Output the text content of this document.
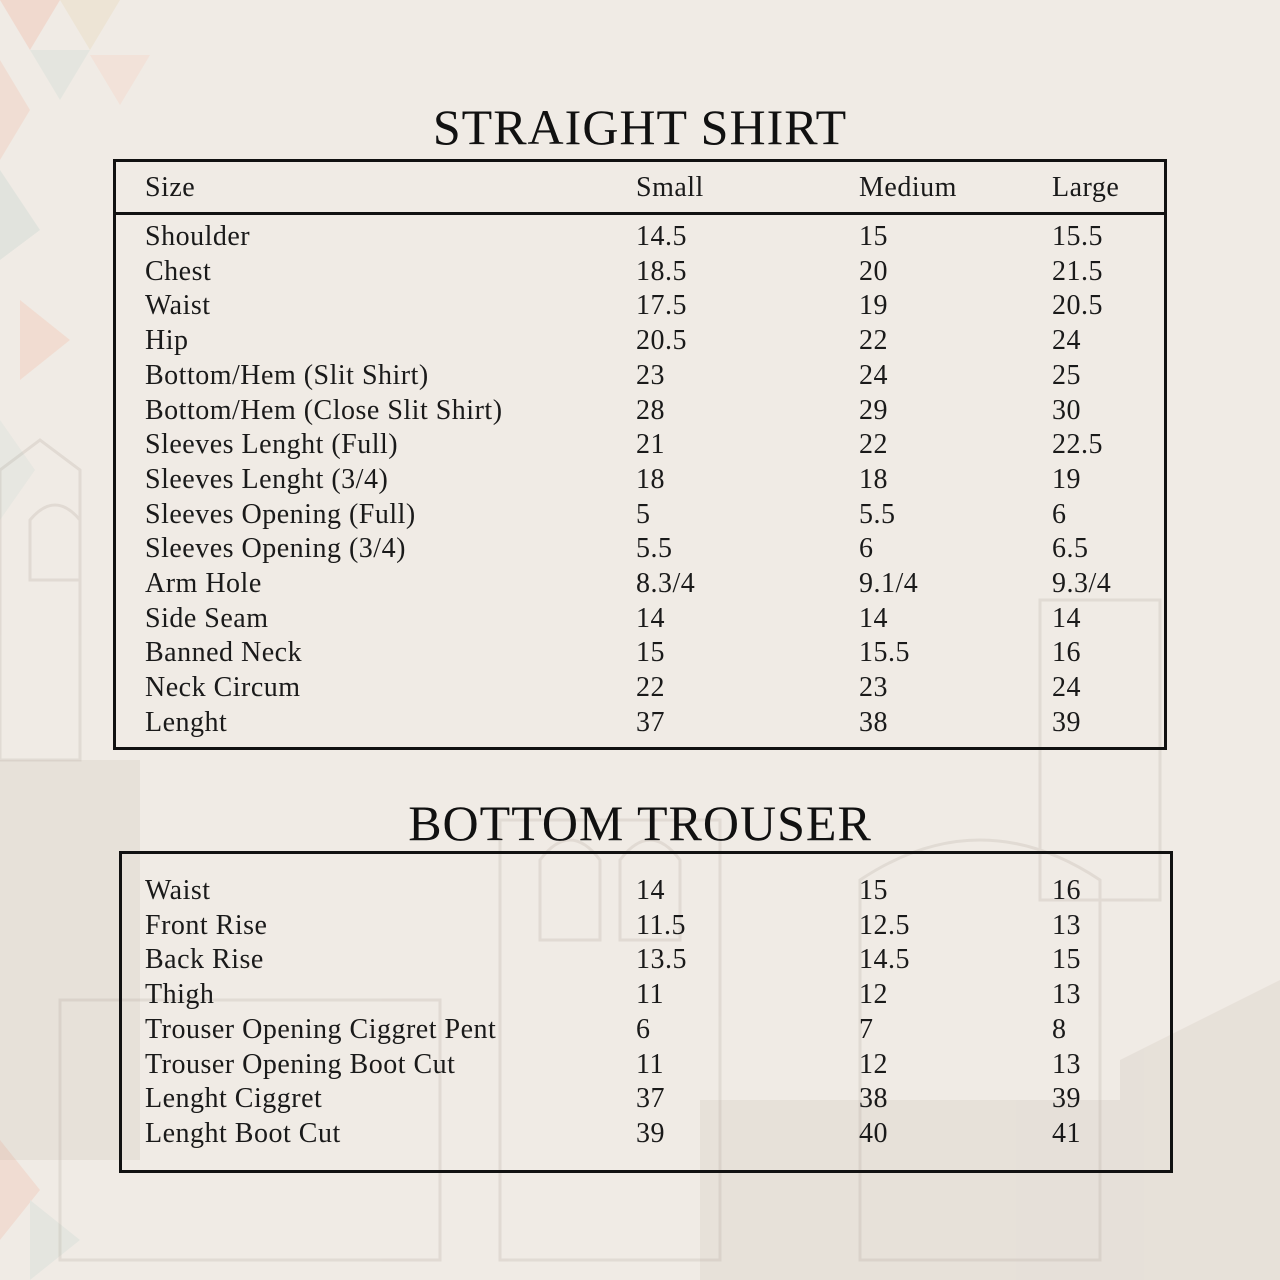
STRAIGHT SHIRT
Size	Small	Medium	Large
Shoulder	14.5	15	15.5
Chest	18.5	20	21.5
Waist	17.5	19	20.5
Hip	20.5	22	24
Bottom/Hem (Slit Shirt)	23	24	25
Bottom/Hem (Close Slit Shirt)	28	29	30
Sleeves Lenght (Full)	21	22	22.5
Sleeves Lenght (3/4)	18	18	19
Sleeves Opening (Full)	5	5.5	6
Sleeves Opening (3/4)	5.5	6	6.5
Arm Hole	8.3/4	9.1/4	9.3/4
Side Seam	14	14	14
Banned Neck	15	15.5	16
Neck Circum	22	23	24
Lenght	37	38	39
BOTTOM TROUSER
Waist	14	15	16
Front Rise	11.5	12.5	13
Back Rise	13.5	14.5	15
Thigh	11	12	13
Trouser Opening Ciggret Pent	6	7	8
Trouser Opening Boot Cut	11	12	13
Lenght Ciggret	37	38	39
Lenght Boot Cut	39	40	41
